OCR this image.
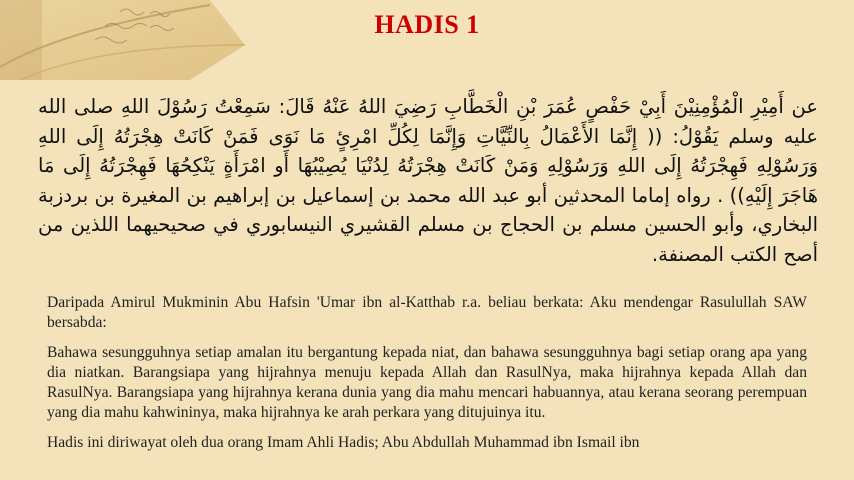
HADIS 1
عن أَمِيْرِ الْمُؤْمِنِيْنَ أَبِيْ حَفْصٍ عُمَرَ بْنِ الْخَطَّابِ رَضِيَ اللهُ عَنْهُ قَالَ: سَمِعْتُ رَسُوْلَ اللهِ صلى الله عليه وسلم يَقُوْلُ: (( إِنَّمَا الأَعْمَالُ بِالنِّيَّاتِ وَإِنَّمَا لِكُلِّ امْرِئٍ مَا نَوَى فَمَنْ كَانَتْ هِجْرَتُهُ إِلَى اللهِ وَرَسُوْلِهِ فَهِجْرَتُهُ إِلَى اللهِ وَرَسُوْلِهِ وَمَنْ كَانَتْ هِجْرَتُهُ لِدُنْيَا يُصِيْبُهَا أَو امْرَأَةٍ يَنْكِحُهَا فَهِجْرَتُهُ إِلَى مَا هَاجَرَ إِلَيْهِ)) . رواه إماما المحدثين أبو عبد الله محمد بن إسماعيل بن إبراهيم بن المغيرة بن بردزبة البخاري، وأبو الحسين مسلم بن الحجاج بن مسلم القشيري النيسابوري في صحيحيهما اللذين من أصح الكتب المصنفة.

Daripada Amirul Mukminin Abu Hafsin 'Umar ibn al-Katthab r.a. beliau berkata: Aku mendengar Rasulullah SAW bersabda:

Bahawa sesungguhnya setiap amalan itu bergantung kepada niat, dan bahawa sesungguhnya bagi setiap orang apa yang dia niatkan. Barangsiapa yang hijrahnya menuju kepada Allah dan RasulNya, maka hijrahnya kepada Allah dan RasulNya. Barangsiapa yang hijrahnya kerana dunia yang dia mahu mencari habuannya, atau kerana seorang perempuan yang dia mahu kahwininya, maka hijrahnya ke arah perkara yang ditujuinya itu.

Hadis ini diriwayat oleh dua orang Imam Ahli Hadis; Abu Abdullah Muhammad ibn Ismail ibn
